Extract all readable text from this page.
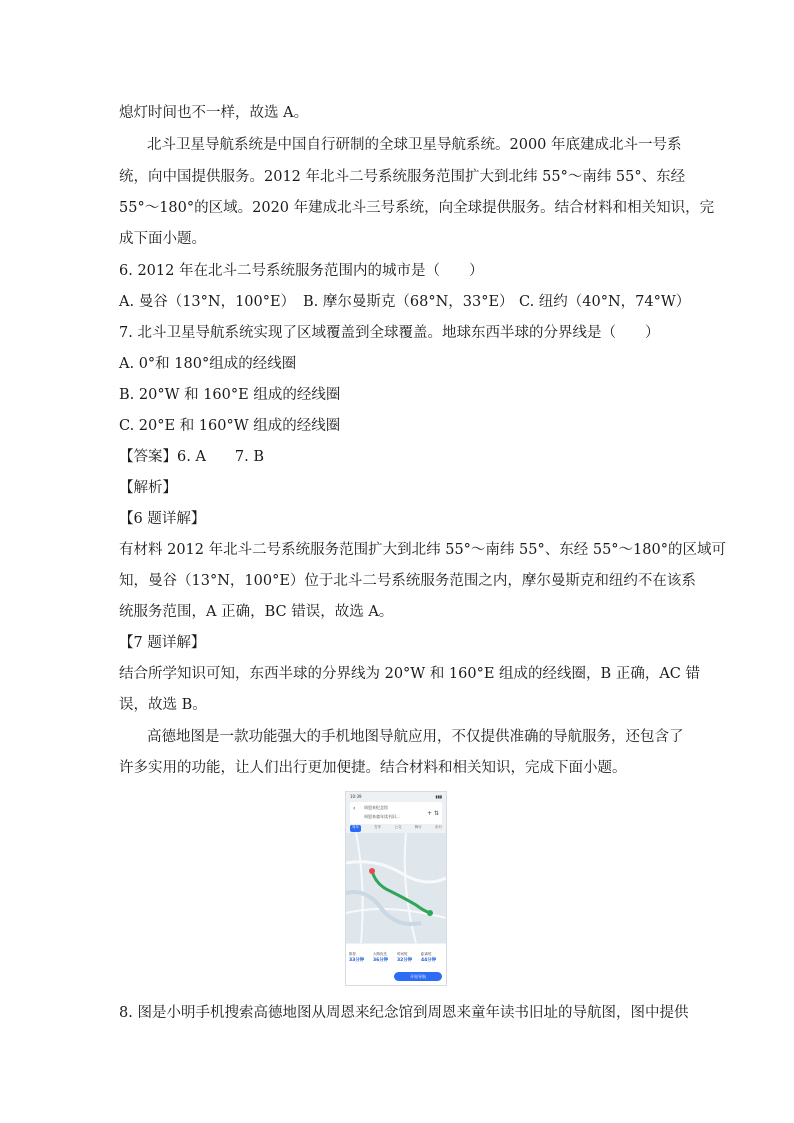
熄灯时间也不一样，故选 A。
北斗卫星导航系统是中国自行研制的全球卫星导航系统。2000 年底建成北斗一号系
统，向中国提供服务。2012 年北斗二号系统服务范围扩大到北纬 55°～南纬 55°、东经
55°～180°的区域。2020 年建成北斗三号系统，向全球提供服务。结合材料和相关知识，完
成下面小题。
6. 2012 年在北斗二号系统服务范围内的城市是（　　）
A. 曼谷（13°N，100°E） B. 摩尔曼斯克（68°N，33°E） C. 纽约（40°N，74°W）
7. 北斗卫星导航系统实现了区域覆盖到全球覆盖。地球东西半球的分界线是（　　）
A. 0°和 180°组成的经线圈
B. 20°W 和 160°E 组成的经线圈
C. 20°E 和 160°W 组成的经线圈
【答案】6. A　　7. B
【解析】
【6 题详解】
有材料 2012 年北斗二号系统服务范围扩大到北纬 55°～南纬 55°、东经 55°～180°的区域可
知，曼谷（13°N，100°E）位于北斗二号系统服务范围之内，摩尔曼斯克和纽约不在该系
统服务范围，A 正确，BC 错误，故选 A。
【7 题详解】
结合所学知识可知，东西半球的分界线为 20°W 和 160°E 组成的经线圈，B 正确，AC 错
误，故选 B。
高德地图是一款功能强大的手机地图导航应用，不仅提供准确的导航服务，还包含了
许多实用的功能，让人们出行更加便捷。结合材料和相关知识，完成下面小题。
10:39	▮▮▮
‹ 周恩来纪念馆
周恩来童年读书旧...	+ ⇅
驾车	打车	公交	骑行	步行
推荐
33分钟
大路优先
36分钟
时间短
32分钟
距离短
44分钟
开始导航
8. 图是小明手机搜索高德地图从周恩来纪念馆到周恩来童年读书旧址的导航图，图中提供
